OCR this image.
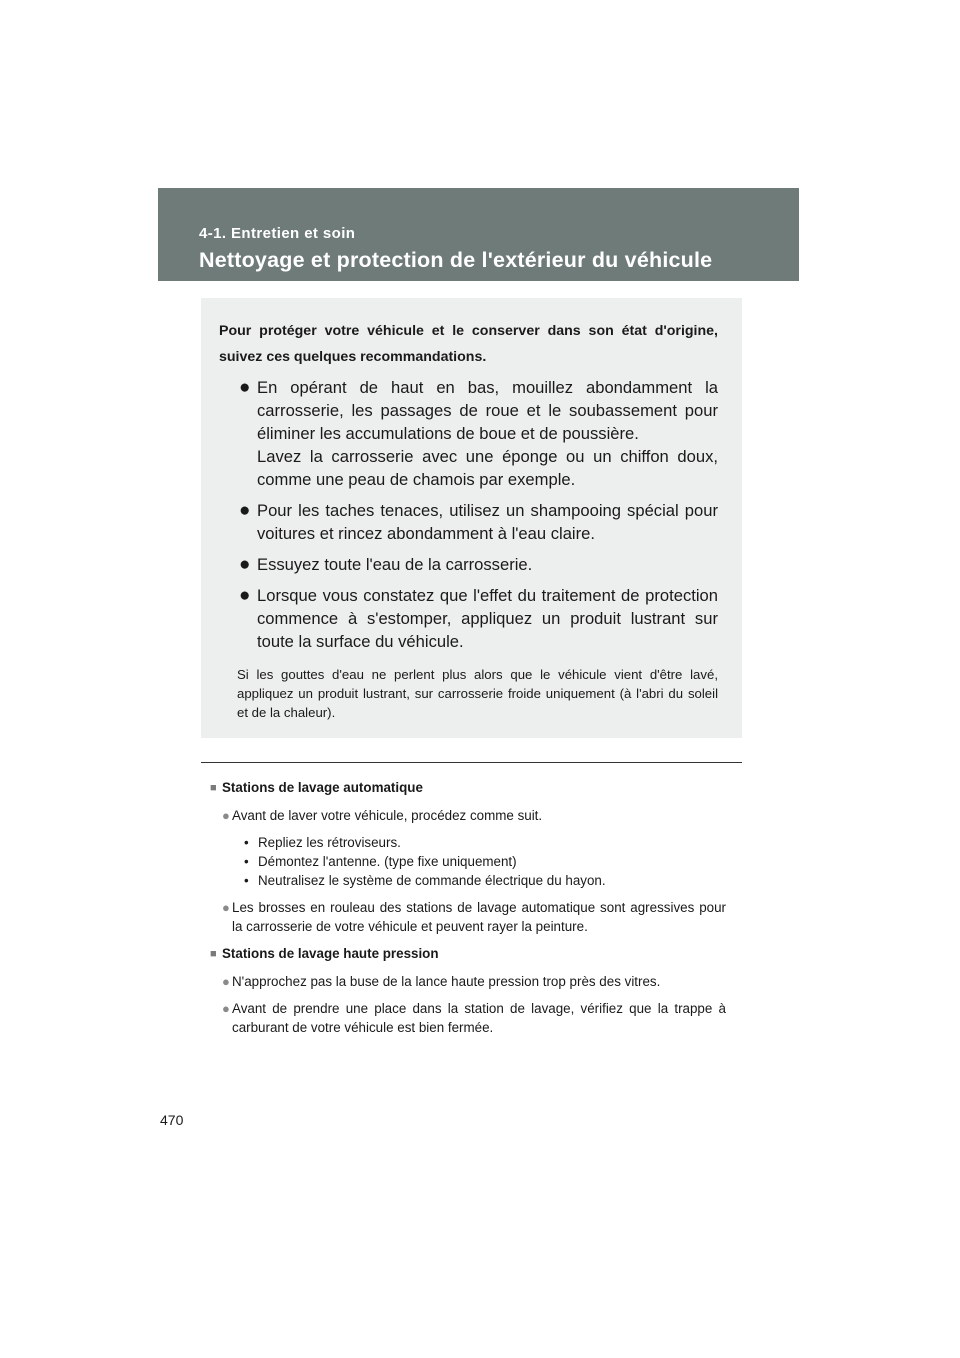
4-1. Entretien et soin
Nettoyage et protection de l'extérieur du véhicule

Pour protéger votre véhicule et le conserver dans son état d'origine, suivez ces quelques recommandations.

● En opérant de haut en bas, mouillez abondamment la carrosserie, les passages de roue et le soubassement pour éliminer les accumulations de boue et de poussière.

Lavez la carrosserie avec une éponge ou un chiffon doux, comme une peau de chamois par exemple.

● Pour les taches tenaces, utilisez un shampooing spécial pour voitures et rincez abondamment à l'eau claire.

● Essuyez toute l'eau de la carrosserie.

● Lorsque vous constatez que l'effet du traitement de protection commence à s'estomper, appliquez un produit lustrant sur toute la surface du véhicule.

Si les gouttes d'eau ne perlent plus alors que le véhicule vient d'être lavé, appliquez un produit lustrant, sur carrosserie froide uniquement (à l'abri du soleil et de la chaleur).
■ Stations de lavage automatique
● Avant de laver votre véhicule, procédez comme suit.
• Repliez les rétroviseurs.
• Démontez l'antenne. (type fixe uniquement)
• Neutralisez le système de commande électrique du hayon.
● Les brosses en rouleau des stations de lavage automatique sont agressives pour la carrosserie de votre véhicule et peuvent rayer la peinture.
■ Stations de lavage haute pression
● N'approchez pas la buse de la lance haute pression trop près des vitres.
● Avant de prendre une place dans la station de lavage, vérifiez que la trappe à carburant de votre véhicule est bien fermée.
470
